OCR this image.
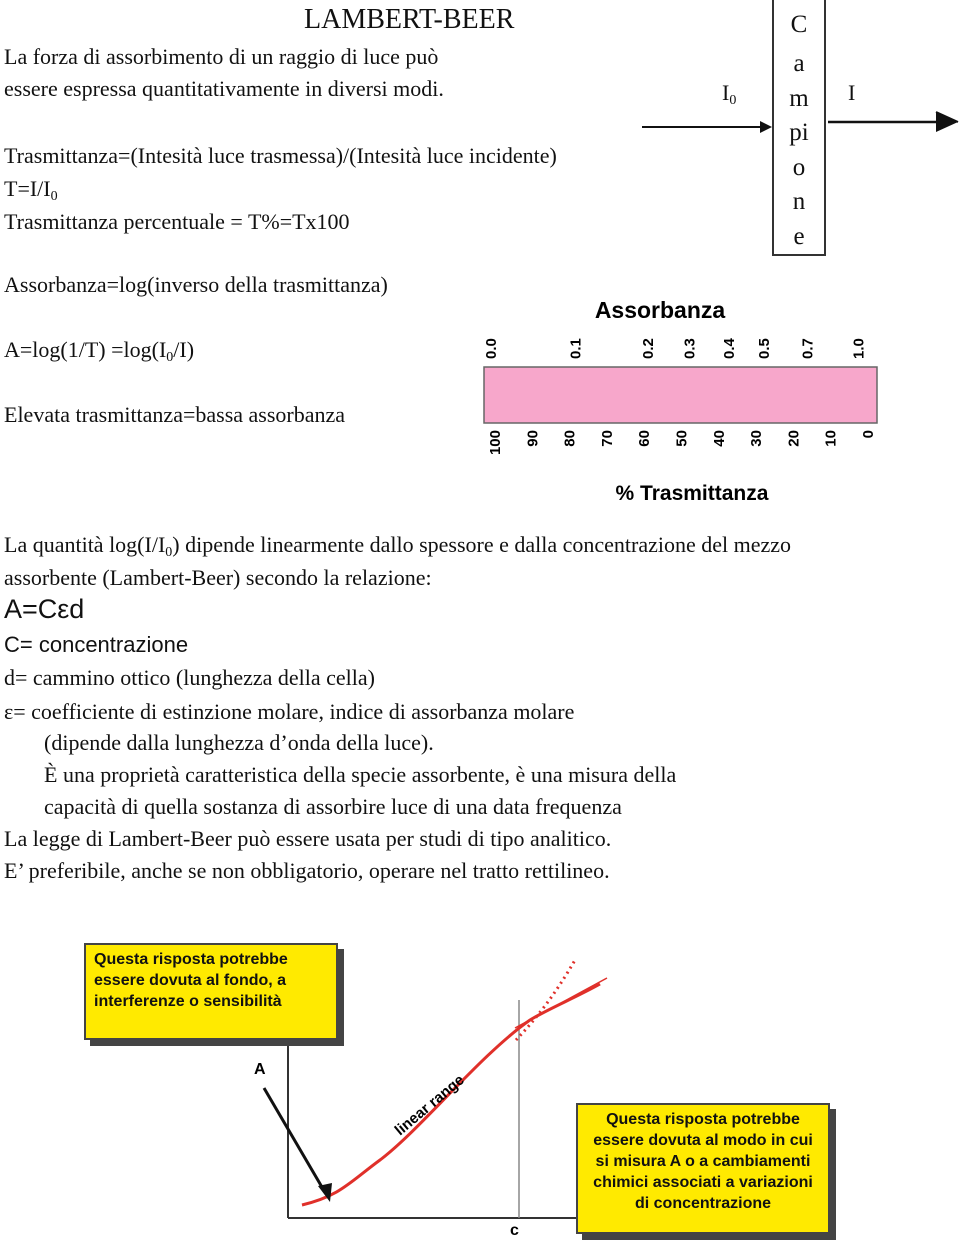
LAMBERT-BEER
La forza di assorbimento di un raggio di luce può
essere espressa quantitativamente in diversi modi.
Trasmittanza=(Intesità luce trasmessa)/(Intesità luce incidente)
$T=I/I_0$
Trasmittanza percentuale = T%=Tx100
Assorbanza=log(inverso della trasmittanza)
$A=\log(1/T) =\log(I_0/I)$
Elevata trasmittanza=bassa assorbanza
$I_0$	I
C
a
m
pi
o
n
e
Assorbanza
0.0	0.1	0.2 0.3 0.4 0.5 0.7 1.0
100 90 80 70 60 50 40 30 20 10 0
% Trasmittanza
La quantità $\log(I/I_0)$ dipende linearmente dallo spessore e dalla concentrazione del mezzo
assorbente (Lambert-Beer) secondo la relazione:
A=Cεd
C= concentrazione
d= cammino ottico (lunghezza della cella)
ε= coefficiente di estinzione molare, indice di assorbanza molare
(dipende dalla lunghezza d’onda della luce).
È una proprietà caratteristica della specie assorbente, è una misura della
capacità di quella sostanza di assorbire luce di una data frequenza
La legge di Lambert-Beer può essere usata per studi di tipo analitico.
E’ preferibile, anche se non obbligatorio, operare nel tratto rettilineo.
A
c
linear range
Questa risposta potrebbe essere dovuta al fondo, a interferenze o sensibilità
Questa risposta potrebbe essere dovuta al modo in cui si misura A o a cambiamenti chimici associati a variazioni di concentrazione
